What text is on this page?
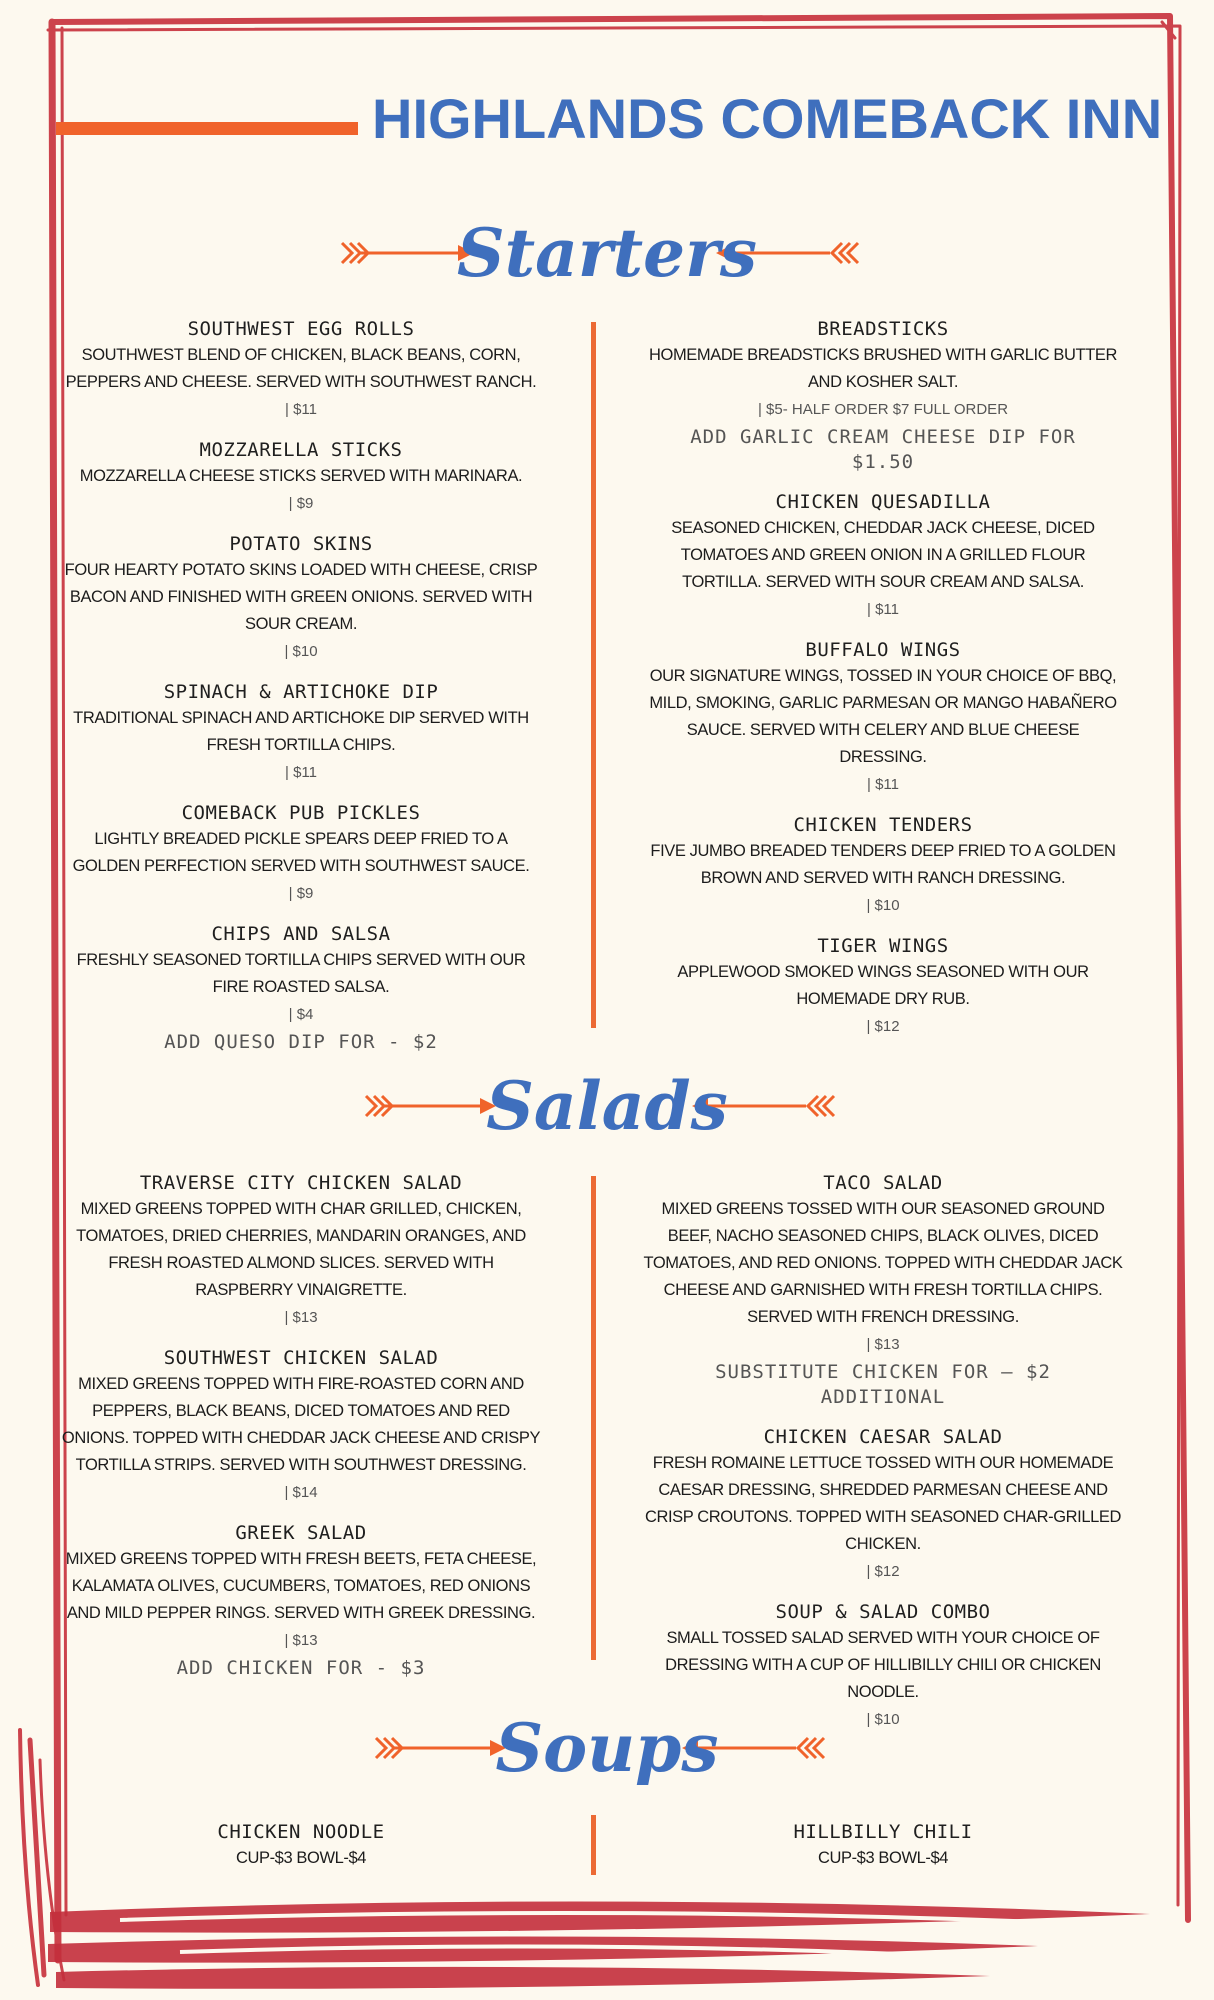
HIGHLANDS COMEBACK INN
Starters

SOUTHWEST EGG ROLLS

SOUTHWEST BLEND OF CHICKEN, BLACK BEANS, CORN, PEPPERS AND CHEESE. SERVED WITH SOUTHWEST RANCH.

| $11

MOZZARELLA STICKS

MOZZARELLA CHEESE STICKS SERVED WITH MARINARA.

| $9

POTATO SKINS

FOUR HEARTY POTATO SKINS LOADED WITH CHEESE, CRISP BACON AND FINISHED WITH GREEN ONIONS. SERVED WITH SOUR CREAM.

| $10

SPINACH & ARTICHOKE DIP

TRADITIONAL SPINACH AND ARTICHOKE DIP SERVED WITH FRESH TORTILLA CHIPS.

| $11

COMEBACK PUB PICKLES

LIGHTLY BREADED PICKLE SPEARS DEEP FRIED TO A GOLDEN PERFECTION SERVED WITH SOUTHWEST SAUCE.

| $9

CHIPS AND SALSA

FRESHLY SEASONED TORTILLA CHIPS SERVED WITH OUR FIRE ROASTED SALSA.

| $4

ADD QUESO DIP FOR - $2

BREADSTICKS

HOMEMADE BREADSTICKS BRUSHED WITH GARLIC BUTTER AND KOSHER SALT.

| $5- HALF ORDER $7 FULL ORDER

ADD GARLIC CREAM CHEESE DIP FOR $1.50

CHICKEN QUESADILLA

SEASONED CHICKEN, CHEDDAR JACK CHEESE, DICED TOMATOES AND GREEN ONION IN A GRILLED FLOUR TORTILLA. SERVED WITH SOUR CREAM AND SALSA.

| $11

BUFFALO WINGS

OUR SIGNATURE WINGS, TOSSED IN YOUR CHOICE OF BBQ, MILD, SMOKING, GARLIC PARMESAN OR MANGO HABAÑERO SAUCE. SERVED WITH CELERY AND BLUE CHEESE DRESSING.

| $11

CHICKEN TENDERS

FIVE JUMBO BREADED TENDERS DEEP FRIED TO A GOLDEN BROWN AND SERVED WITH RANCH DRESSING.

| $10

TIGER WINGS

APPLEWOOD SMOKED WINGS SEASONED WITH OUR HOMEMADE DRY RUB.

| $12

Salads

TRAVERSE CITY CHICKEN SALAD

MIXED GREENS TOPPED WITH CHAR GRILLED, CHICKEN, TOMATOES, DRIED CHERRIES, MANDARIN ORANGES, AND FRESH ROASTED ALMOND SLICES. SERVED WITH RASPBERRY VINAIGRETTE.

| $13

SOUTHWEST CHICKEN SALAD

MIXED GREENS TOPPED WITH FIRE-ROASTED CORN AND PEPPERS, BLACK BEANS, DICED TOMATOES AND RED ONIONS. TOPPED WITH CHEDDAR JACK CHEESE AND CRISPY TORTILLA STRIPS. SERVED WITH SOUTHWEST DRESSING.

| $14

GREEK SALAD

MIXED GREENS TOPPED WITH FRESH BEETS, FETA CHEESE, KALAMATA OLIVES, CUCUMBERS, TOMATOES, RED ONIONS AND MILD PEPPER RINGS. SERVED WITH GREEK DRESSING.

| $13

ADD CHICKEN FOR - $3

TACO SALAD

MIXED GREENS TOSSED WITH OUR SEASONED GROUND BEEF, NACHO SEASONED CHIPS, BLACK OLIVES, DICED TOMATOES, AND RED ONIONS. TOPPED WITH CHEDDAR JACK CHEESE AND GARNISHED WITH FRESH TORTILLA CHIPS. SERVED WITH FRENCH DRESSING.

| $13

SUBSTITUTE CHICKEN FOR — $2 ADDITIONAL

CHICKEN CAESAR SALAD

FRESH ROMAINE LETTUCE TOSSED WITH OUR HOMEMADE CAESAR DRESSING, SHREDDED PARMESAN CHEESE AND CRISP CROUTONS. TOPPED WITH SEASONED CHAR-GRILLED CHICKEN.

| $12

SOUP & SALAD COMBO

SMALL TOSSED SALAD SERVED WITH YOUR CHOICE OF DRESSING WITH A CUP OF HILLIBILLY CHILI OR CHICKEN NOODLE.

| $10

Soups

CHICKEN NOODLE

CUP-$3 BOWL-$4

HILLBILLY CHILI

CUP-$3 BOWL-$4
